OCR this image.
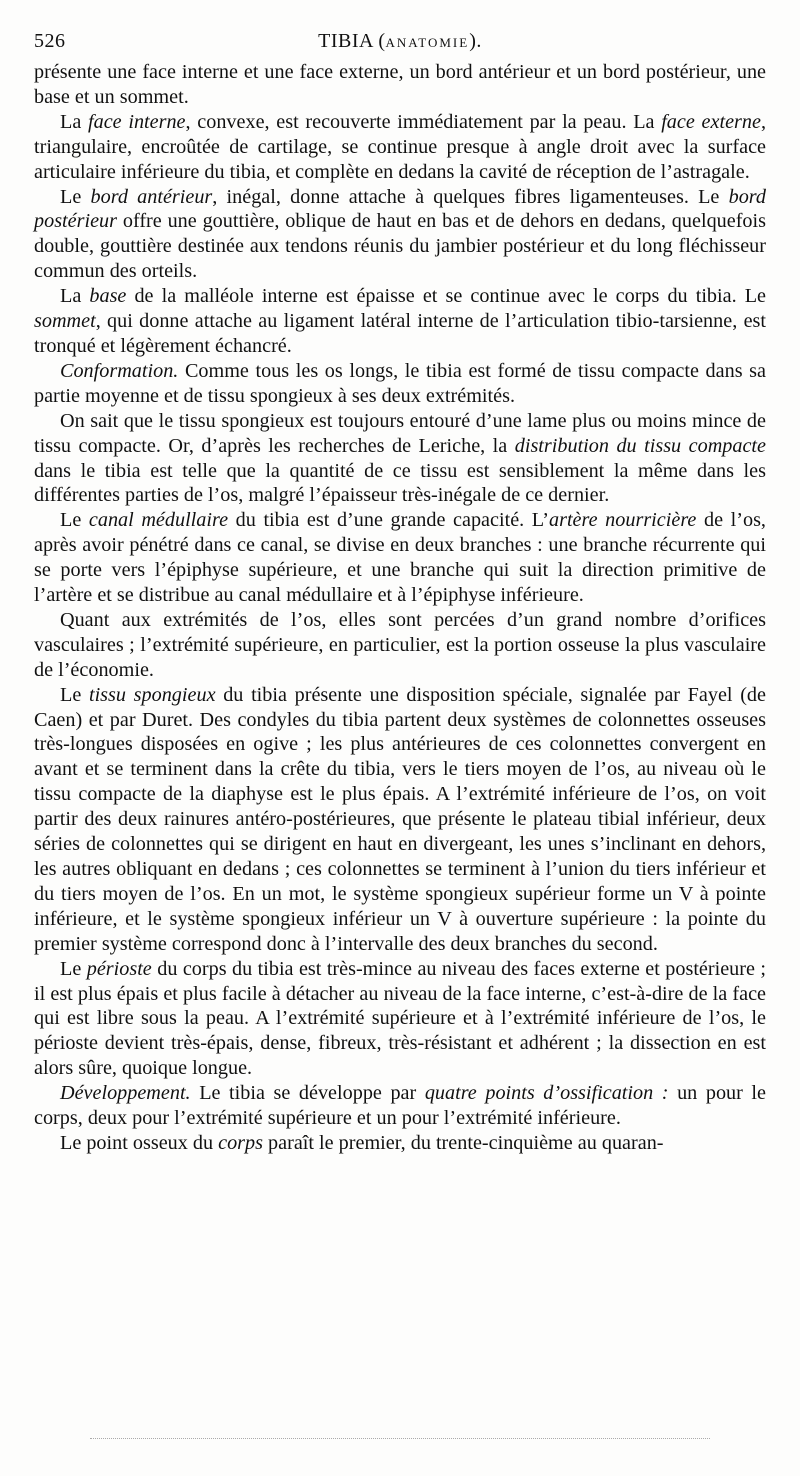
526	TIBIA (ANATOMIE).

présente une face interne et une face externe, un bord antérieur et un bord postérieur, une base et un sommet.

La face interne, convexe, est recouverte immédiatement par la peau. La face externe, triangulaire, encroûtée de cartilage, se continue presque à angle droit avec la surface articulaire inférieure du tibia, et complète en dedans la cavité de réception de l’astragale.

Le bord antérieur, inégal, donne attache à quelques fibres ligamenteuses. Le bord postérieur offre une gouttière, oblique de haut en bas et de dehors en dedans, quelquefois double, gouttière destinée aux tendons réunis du jambier postérieur et du long fléchisseur commun des orteils.

La base de la malléole interne est épaisse et se continue avec le corps du tibia. Le sommet, qui donne attache au ligament latéral interne de l’articulation tibio-tarsienne, est tronqué et légèrement échancré.

Conformation. Comme tous les os longs, le tibia est formé de tissu compacte dans sa partie moyenne et de tissu spongieux à ses deux extrémités.

On sait que le tissu spongieux est toujours entouré d’une lame plus ou moins mince de tissu compacte. Or, d’après les recherches de Leriche, la distribution du tissu compacte dans le tibia est telle que la quantité de ce tissu est sensiblement la même dans les différentes parties de l’os, malgré l’épaisseur très-inégale de ce dernier.

Le canal médullaire du tibia est d’une grande capacité. L’artère nourricière de l’os, après avoir pénétré dans ce canal, se divise en deux branches : une branche récurrente qui se porte vers l’épiphyse supérieure, et une branche qui suit la direction primitive de l’artère et se distribue au canal médullaire et à l’épiphyse inférieure.

Quant aux extrémités de l’os, elles sont percées d’un grand nombre d’orifices vasculaires ; l’extrémité supérieure, en particulier, est la portion osseuse la plus vasculaire de l’économie.

Le tissu spongieux du tibia présente une disposition spéciale, signalée par Fayel (de Caen) et par Duret. Des condyles du tibia partent deux systèmes de colonnettes osseuses très-longues disposées en ogive ; les plus antérieures de ces colonnettes convergent en avant et se terminent dans la crête du tibia, vers le tiers moyen de l’os, au niveau où le tissu compacte de la diaphyse est le plus épais. A l’extrémité inférieure de l’os, on voit partir des deux rainures antéro-postérieures, que présente le plateau tibial inférieur, deux séries de colonnettes qui se dirigent en haut en divergeant, les unes s’inclinant en dehors, les autres obliquant en dedans ; ces colonnettes se terminent à l’union du tiers inférieur et du tiers moyen de l’os. En un mot, le système spongieux supérieur forme un V à pointe inférieure, et le système spongieux inférieur un V à ouverture supérieure : la pointe du premier système correspond donc à l’intervalle des deux branches du second.

Le périoste du corps du tibia est très-mince au niveau des faces externe et postérieure ; il est plus épais et plus facile à détacher au niveau de la face interne, c’est-à-dire de la face qui est libre sous la peau. A l’extrémité supérieure et à l’extrémité inférieure de l’os, le périoste devient très-épais, dense, fibreux, très-résistant et adhérent ; la dissection en est alors sûre, quoique longue.

Développement. Le tibia se développe par quatre points d’ossification : un pour le corps, deux pour l’extrémité supérieure et un pour l’extrémité inférieure.

Le point osseux du corps paraît le premier, du trente-cinquième au quaran-
